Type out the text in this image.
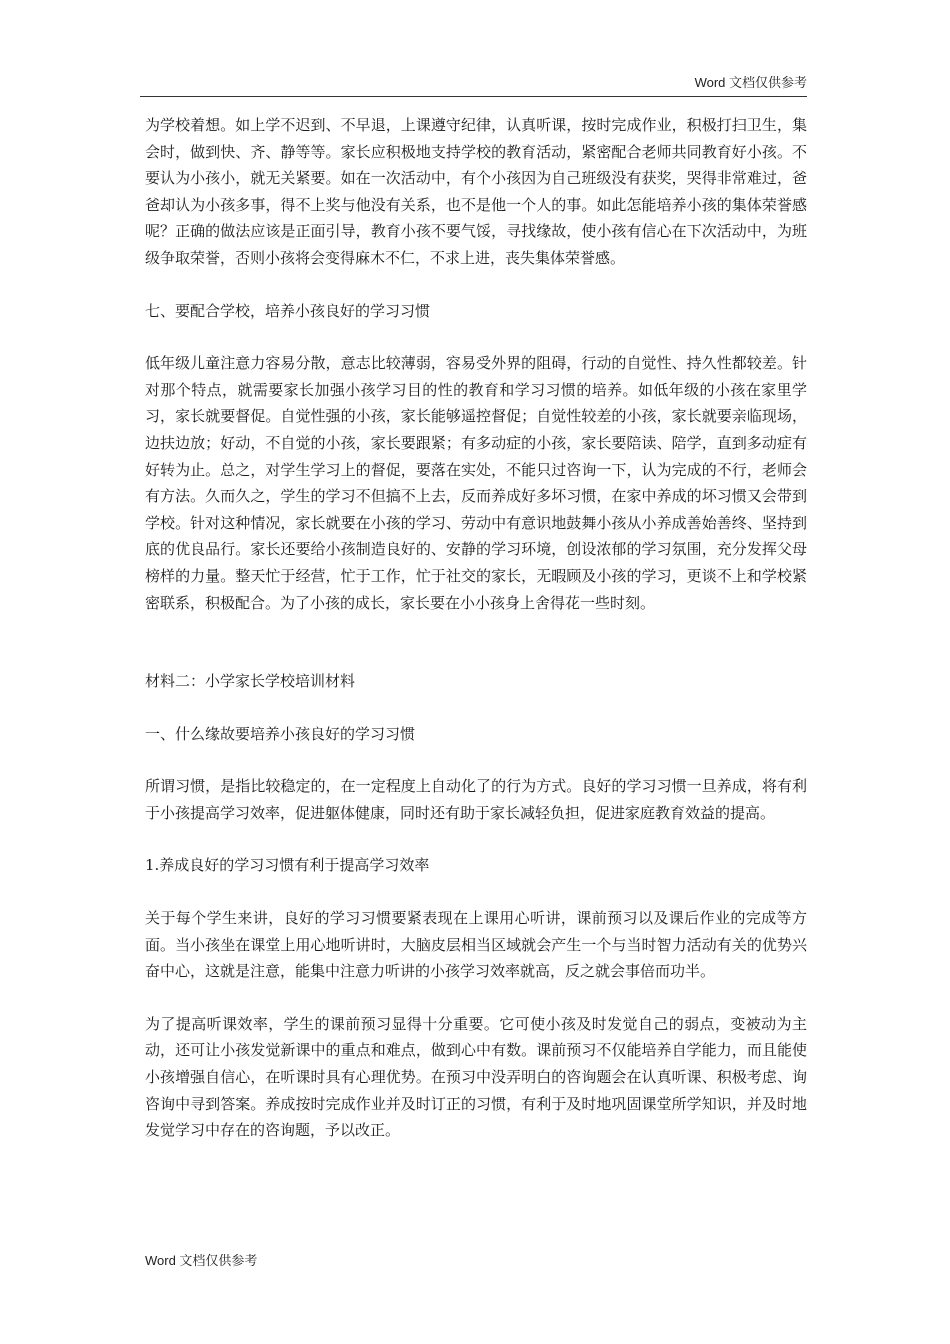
Word 文档仅供参考

为学校着想。如上学不迟到、不早退，上课遵守纪律，认真听课，按时完成作业，积极打扫卫生，集会时，做到快、齐、静等等。家长应积极地支持学校的教育活动，紧密配合老师共同教育好小孩。不要认为小孩小，就无关紧要。如在一次活动中，有个小孩因为自己班级没有获奖，哭得非常难过，爸爸却认为小孩多事，得不上奖与他没有关系，也不是他一个人的事。如此怎能培养小孩的集体荣誉感呢？正确的做法应该是正面引导，教育小孩不要气馁，寻找缘故，使小孩有信心在下次活动中，为班级争取荣誉，否则小孩将会变得麻木不仁，不求上进，丧失集体荣誉感。

七、要配合学校，培养小孩良好的学习习惯

低年级儿童注意力容易分散，意志比较薄弱，容易受外界的阻碍，行动的自觉性、持久性都较差。针对那个特点，就需要家长加强小孩学习目的性的教育和学习习惯的培养。如低年级的小孩在家里学习，家长就要督促。自觉性强的小孩，家长能够遥控督促；自觉性较差的小孩，家长就要亲临现场，边扶边放；好动，不自觉的小孩，家长要跟紧；有多动症的小孩，家长要陪读、陪学，直到多动症有好转为止。总之，对学生学习上的督促，要落在实处，不能只过咨询一下，认为完成的不行，老师会有方法。久而久之，学生的学习不但搞不上去，反而养成好多坏习惯，在家中养成的坏习惯又会带到学校。针对这种情况，家长就要在小孩的学习、劳动中有意识地鼓舞小孩从小养成善始善终、坚持到底的优良品行。家长还要给小孩制造良好的、安静的学习环境，创设浓郁的学习氛围，充分发挥父母榜样的力量。整天忙于经营，忙于工作，忙于社交的家长，无暇顾及小孩的学习，更谈不上和学校紧密联系，积极配合。为了小孩的成长，家长要在小小孩身上舍得花一些时刻。

材料二：小学家长学校培训材料

一、什么缘故要培养小孩良好的学习习惯

所谓习惯，是指比较稳定的，在一定程度上自动化了的行为方式。良好的学习习惯一旦养成，将有利于小孩提高学习效率，促进躯体健康，同时还有助于家长减轻负担，促进家庭教育效益的提高。

1.养成良好的学习习惯有利于提高学习效率

关于每个学生来讲，良好的学习习惯要紧表现在上课用心听讲，课前预习以及课后作业的完成等方面。当小孩坐在课堂上用心地听讲时，大脑皮层相当区域就会产生一个与当时智力活动有关的优势兴奋中心，这就是注意，能集中注意力听讲的小孩学习效率就高，反之就会事倍而功半。

为了提高听课效率，学生的课前预习显得十分重要。它可使小孩及时发觉自己的弱点，变被动为主动，还可让小孩发觉新课中的重点和难点，做到心中有数。课前预习不仅能培养自学能力，而且能使小孩增强自信心，在听课时具有心理优势。在预习中没弄明白的咨询题会在认真听课、积极考虑、询咨询中寻到答案。养成按时完成作业并及时订正的习惯，有利于及时地巩固课堂所学知识，并及时地发觉学习中存在的咨询题，予以改正。

Word 文档仅供参考
